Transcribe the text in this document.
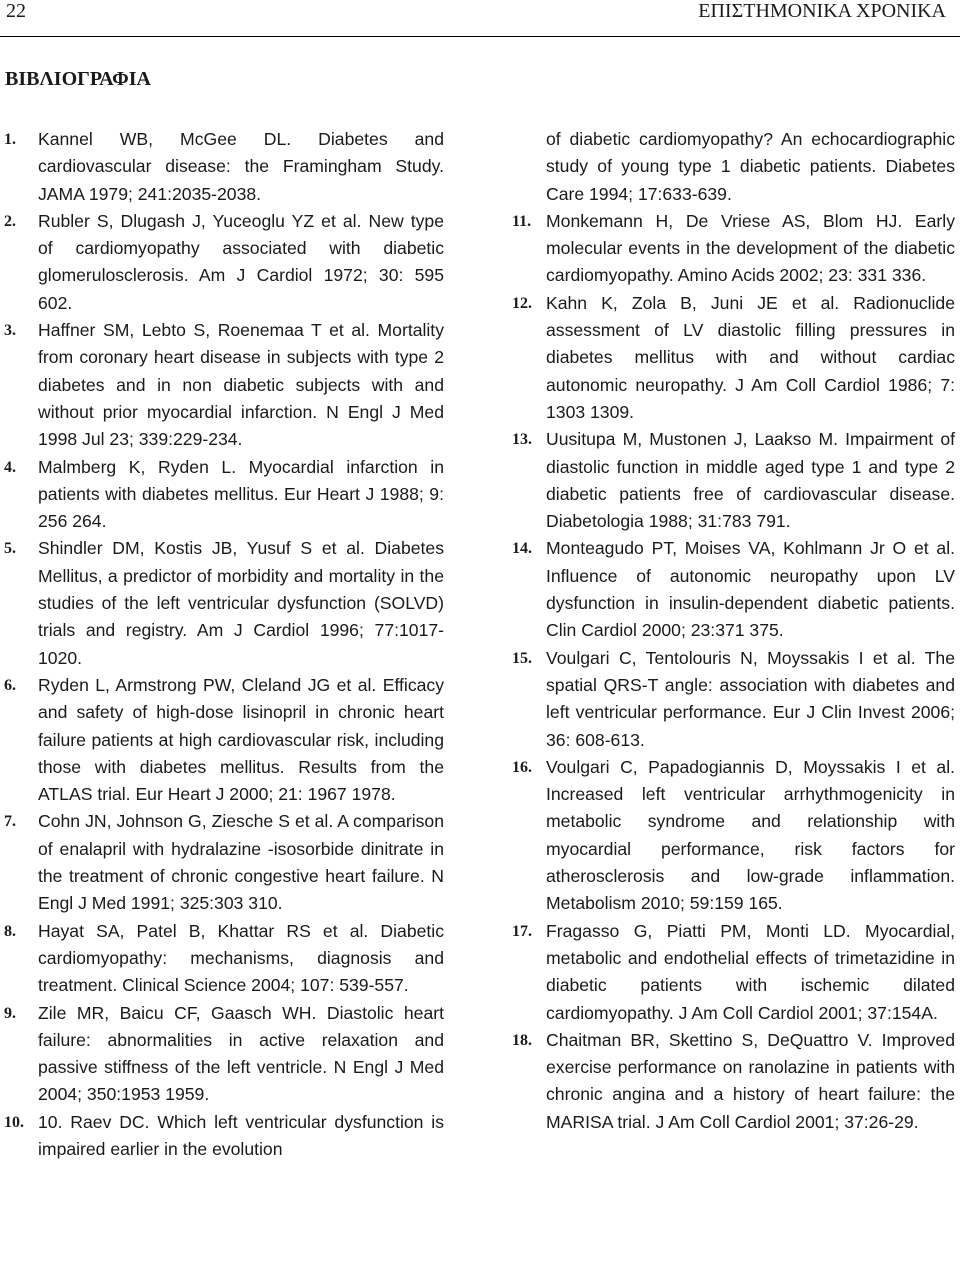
22	ΕΠΙΣΤΗΜΟΝΙΚΑ ΧΡΟΝΙΚΑ
ΒΙΒΛΙΟΓΡΑΦΙΑ
1. Kannel WB, McGee DL. Diabetes and cardiovascular disease: the Framingham Study. JAMA 1979; 241:2035-2038.
2. Rubler S, Dlugash J, Yuceoglu YZ et al. New type of cardiomyopathy associated with diabetic glomerulosclerosis. Am J Cardiol 1972; 30: 595 602.
3. Haffner SM, Lebto S, Roenemaa T et al. Mortality from coronary heart disease in subjects with type 2 diabetes and in non diabetic subjects with and without prior myocardial infarction. N Engl J Med 1998 Jul 23; 339:229-234.
4. Malmberg K, Ryden L. Myocardial infarction in patients with diabetes mellitus. Eur Heart J 1988; 9: 256 264.
5. Shindler DM, Kostis JB, Yusuf S et al. Diabetes Mellitus, a predictor of morbidity and mortality in the studies of the left ventricular dysfunction (SOLVD) trials and registry. Am J Cardiol 1996; 77:1017-1020.
6. Ryden L, Armstrong PW, Cleland JG et al. Efficacy and safety of high-dose lisinopril in chronic heart failure patients at high cardiovascular risk, including those with diabetes mellitus. Results from the ATLAS trial. Eur Heart J 2000; 21: 1967 1978.
7. Cohn JN, Johnson G, Ziesche S et al. A comparison of enalapril with hydralazine -isosorbide dinitrate in the treatment of chronic congestive heart failure. N Engl J Med 1991; 325:303 310.
8. Hayat SA, Patel B, Khattar RS et al. Diabetic cardiomyopathy: mechanisms, diagnosis and treatment. Clinical Science 2004; 107: 539-557.
9. Zile MR, Baicu CF, Gaasch WH. Diastolic heart failure: abnormalities in active relaxation and passive stiffness of the left ventricle. N Engl J Med 2004; 350:1953 1959.
10. 10. Raev DC. Which left ventricular dysfunction is impaired earlier in the evolution
of diabetic cardiomyopathy? An echocardiographic study of young type 1 diabetic patients. Diabetes Care 1994; 17:633-639.
11. Monkemann H, De Vriese AS, Blom HJ. Early molecular events in the development of the diabetic cardiomyopathy. Amino Acids 2002; 23: 331 336.
12. Kahn K, Zola B, Juni JE et al. Radionuclide assessment of LV diastolic filling pressures in diabetes mellitus with and without cardiac autonomic neuropathy. J Am Coll Cardiol 1986; 7: 1303 1309.
13. Uusitupa M, Mustonen J, Laakso M. Impairment of diastolic function in middle aged type 1 and type 2 diabetic patients free of cardiovascular disease. Diabetologia 1988; 31:783 791.
14. Monteagudo PT, Moises VA, Kohlmann Jr O et al. Influence of autonomic neuropathy upon LV dysfunction in insulin-dependent diabetic patients. Clin Cardiol 2000; 23:371 375.
15. Voulgari C, Tentolouris N, Moyssakis I et al. The spatial QRS-T angle: association with diabetes and left ventricular performance. Eur J Clin Invest 2006; 36: 608-613.
16. Voulgari C, Papadogiannis D, Moyssakis I et al. Increased left ventricular arrhythmogenicity in metabolic syndrome and relationship with myocardial performance, risk factors for atherosclerosis and low-grade inflammation. Metabolism 2010; 59:159 165.
17. Fragasso G, Piatti PM, Monti LD. Myocardial, metabolic and endothelial effects of trimetazidine in diabetic patients with ischemic dilated cardiomyopathy. J Am Coll Cardiol 2001; 37:154A.
18. Chaitman BR, Skettino S, DeQuattro V. Improved exercise performance on ranolazine in patients with chronic angina and a history of heart failure: the MARISA trial. J Am Coll Cardiol 2001; 37:26-29.
